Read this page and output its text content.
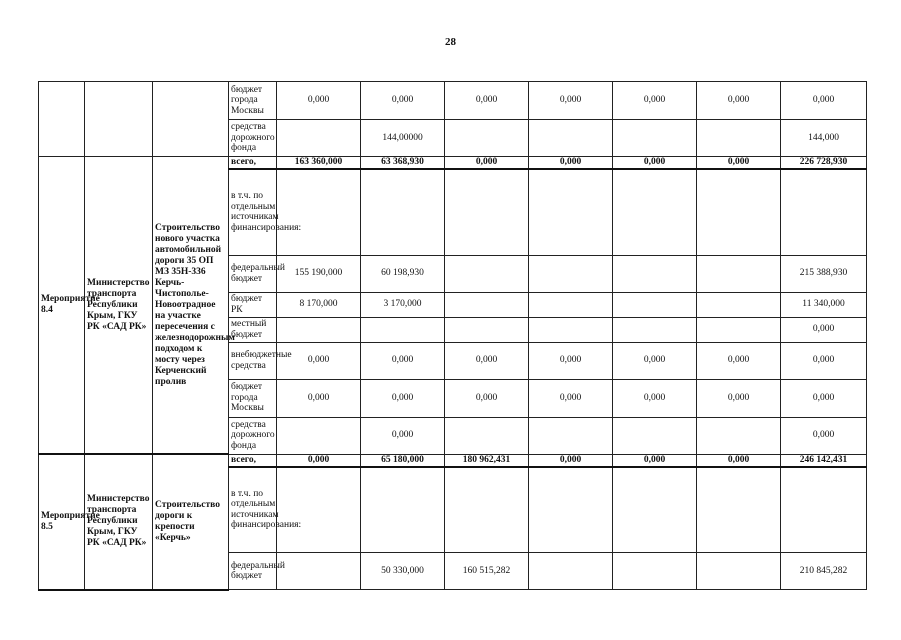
28
			бюджет города Москвы	0,000	0,000	0,000	0,000	0,000	0,000	0,000
			средства дорожного фонда		144,00000					144,000
Мероприятие 8.4	Министерство транспорта Республики Крым, ГКУ РК «САД РК»	Строительство нового участка автомобильной дороги 35 ОП МЗ 35Н-336 Керчь-Чистополье-Новоотрадное на участке пересечения с железнодорожным подходом к мосту через Керченский пролив	всего,	163 360,000	63 368,930	0,000	0,000	0,000	0,000	226 728,930
			в т.ч. по отдельным источникам финансирования:							
			федеральный бюджет	155 190,000	60 198,930					215 388,930
			бюджет РК	8 170,000	3 170,000					11 340,000
			местный бюджет							0,000
			внебюджетные средства	0,000	0,000	0,000	0,000	0,000	0,000	0,000
			бюджет города Москвы	0,000	0,000	0,000	0,000	0,000	0,000	0,000
			средства дорожного фонда		0,000					0,000
Мероприятие 8.5	Министерство транспорта Республики Крым, ГКУ РК «САД РК»	Строительство дороги к крепости «Керчь»	всего,	0,000	65 180,000	180 962,431	0,000	0,000	0,000	246 142,431
			в т.ч. по отдельным источникам финансирования:							
			федеральный бюджет		50 330,000	160 515,282				210 845,282
